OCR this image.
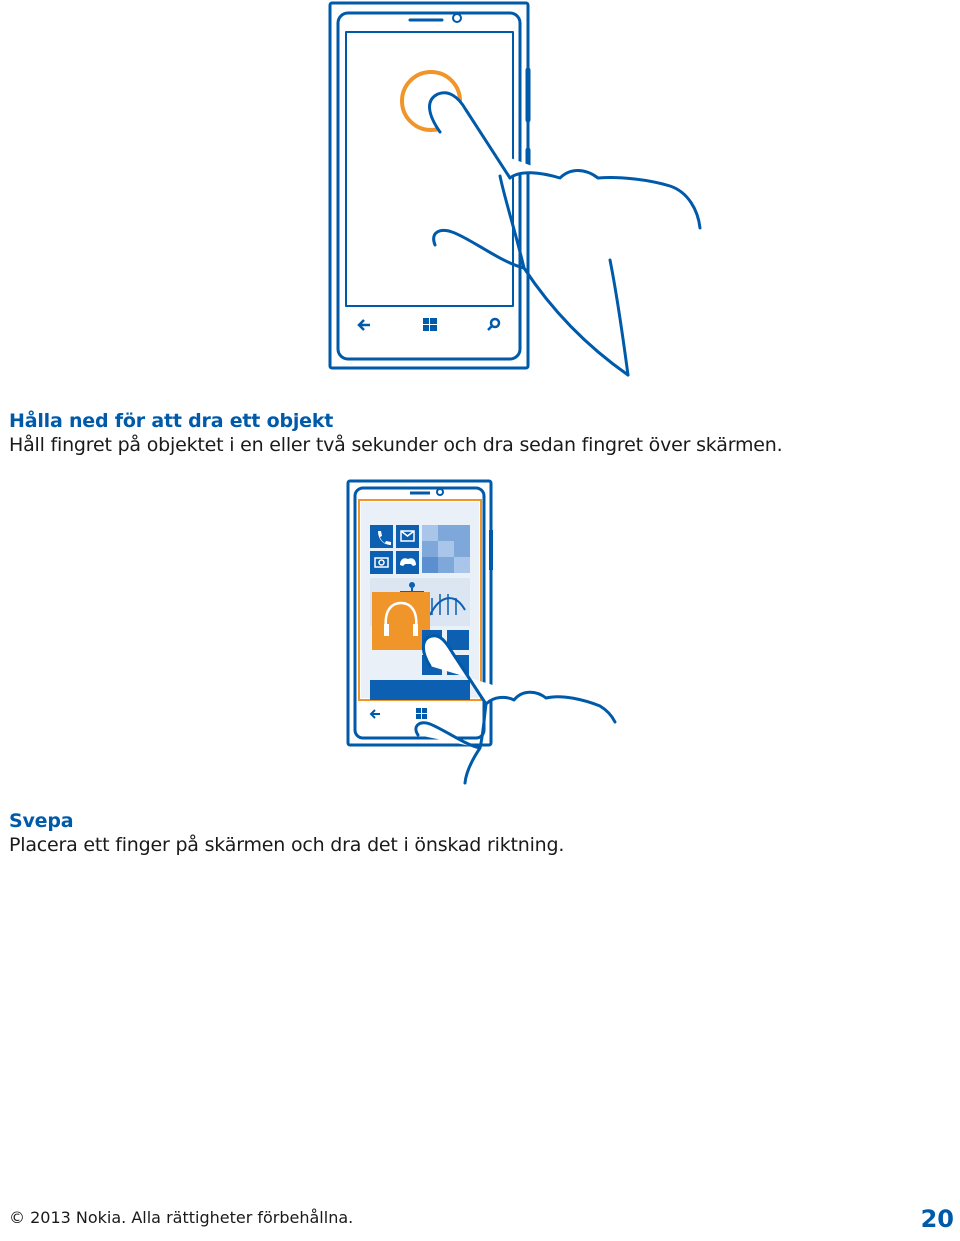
Hålla ned för att dra ett objekt
Håll fingret på objektet i en eller två sekunder och dra sedan fingret över skärmen.
Svepa
Placera ett finger på skärmen och dra det i önskad riktning.
© 2013 Nokia. Alla rättigheter förbehållna.	20
